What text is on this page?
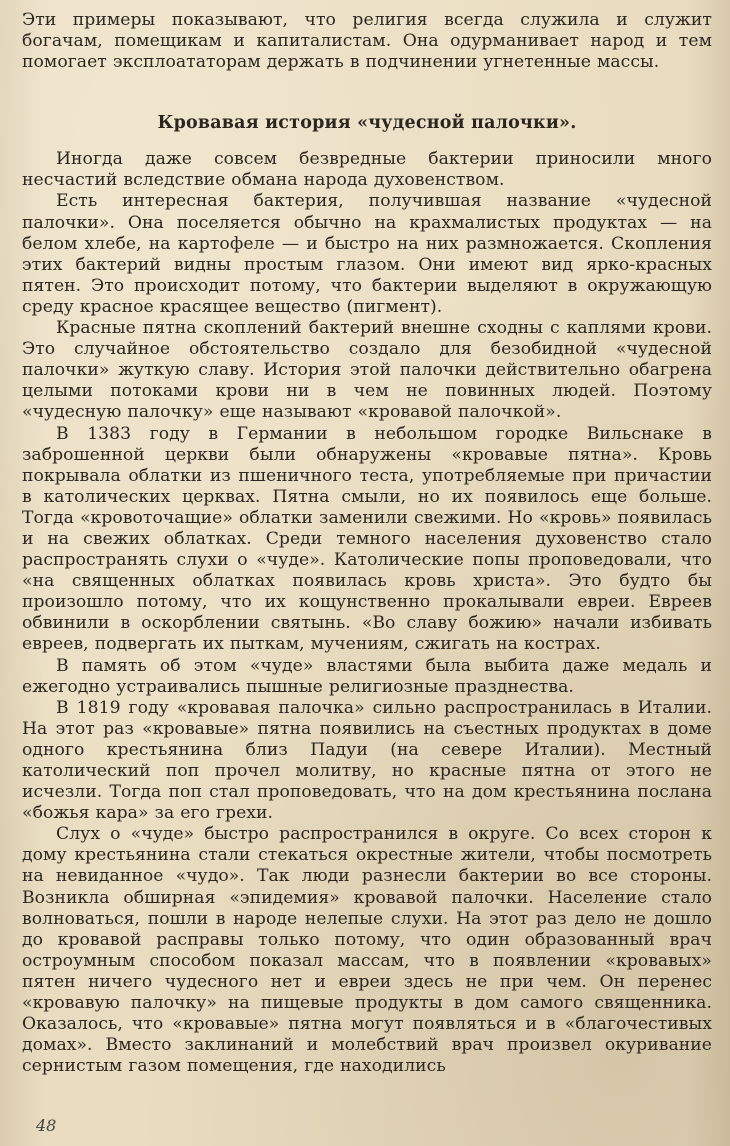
Эти примеры показывают, что религия всегда служила и служит богачам, помещикам и капиталистам. Она одурманивает народ и тем помогает эксплоататорам держать в подчинении угнетенные массы.

Кровавая история «чудесной палочки».

Иногда даже совсем безвредные бактерии приносили много несчастий вследствие обмана народа духовенством.

Есть интересная бактерия, получившая название «чудесной палочки». Она поселяется обычно на крахмалистых продуктах — на белом хлебе, на картофеле — и быстро на них размножается. Скопления этих бактерий видны простым глазом. Они имеют вид ярко-красных пятен. Это происходит потому, что бактерии выделяют в окружающую среду красное красящее вещество (пигмент).

Красные пятна скоплений бактерий внешне сходны с каплями крови. Это случайное обстоятельство создало для безобидной «чудесной палочки» жуткую славу. История этой палочки действительно обагрена целыми потоками крови ни в чем не повинных людей. Поэтому «чудесную палочку» еще называют «кровавой палочкой».

В 1383 году в Германии в небольшом городке Вильснаке в заброшенной церкви были обнаружены «кровавые пятна». Кровь покрывала облатки из пшеничного теста, употребляемые при причастии в католических церквах. Пятна смыли, но их появилось еще больше. Тогда «кровоточащие» облатки заменили свежими. Но «кровь» появилась и на свежих облатках. Среди темного населения духовенство стало распространять слухи о «чуде». Католические попы проповедовали, что «на священных облатках появилась кровь христа». Это будто бы произошло потому, что их кощунственно прокалывали евреи. Евреев обвинили в оскорблении святынь. «Во славу божию» начали избивать евреев, подвергать их пыткам, мучениям, сжигать на кострах.

В память об этом «чуде» властями была выбита даже медаль и ежегодно устраивались пышные религиозные празднества.

В 1819 году «кровавая палочка» сильно распространилась в Италии. На этот раз «кровавые» пятна появились на съестных продуктах в доме одного крестьянина близ Падуи (на севере Италии). Местный католический поп прочел молитву, но красные пятна от этого не исчезли. Тогда поп стал проповедовать, что на дом крестьянина послана «божья кара» за его грехи.

Слух о «чуде» быстро распространился в округе. Со всех сторон к дому крестьянина стали стекаться окрестные жители, чтобы посмотреть на невиданное «чудо». Так люди разнесли бактерии во все стороны. Возникла обширная «эпидемия» кровавой палочки. Население стало волноваться, пошли в народе нелепые слухи. На этот раз дело не дошло до кровавой расправы только потому, что один образованный врач остроумным способом показал массам, что в появлении «кровавых» пятен ничего чудесного нет и евреи здесь не при чем. Он перенес «кровавую палочку» на пищевые продукты в дом самого священника. Оказалось, что «кровавые» пятна могут появляться и в «благочестивых домах». Вместо заклинаний и молебствий врач произвел окуривание сернистым газом помещения, где находились

48
